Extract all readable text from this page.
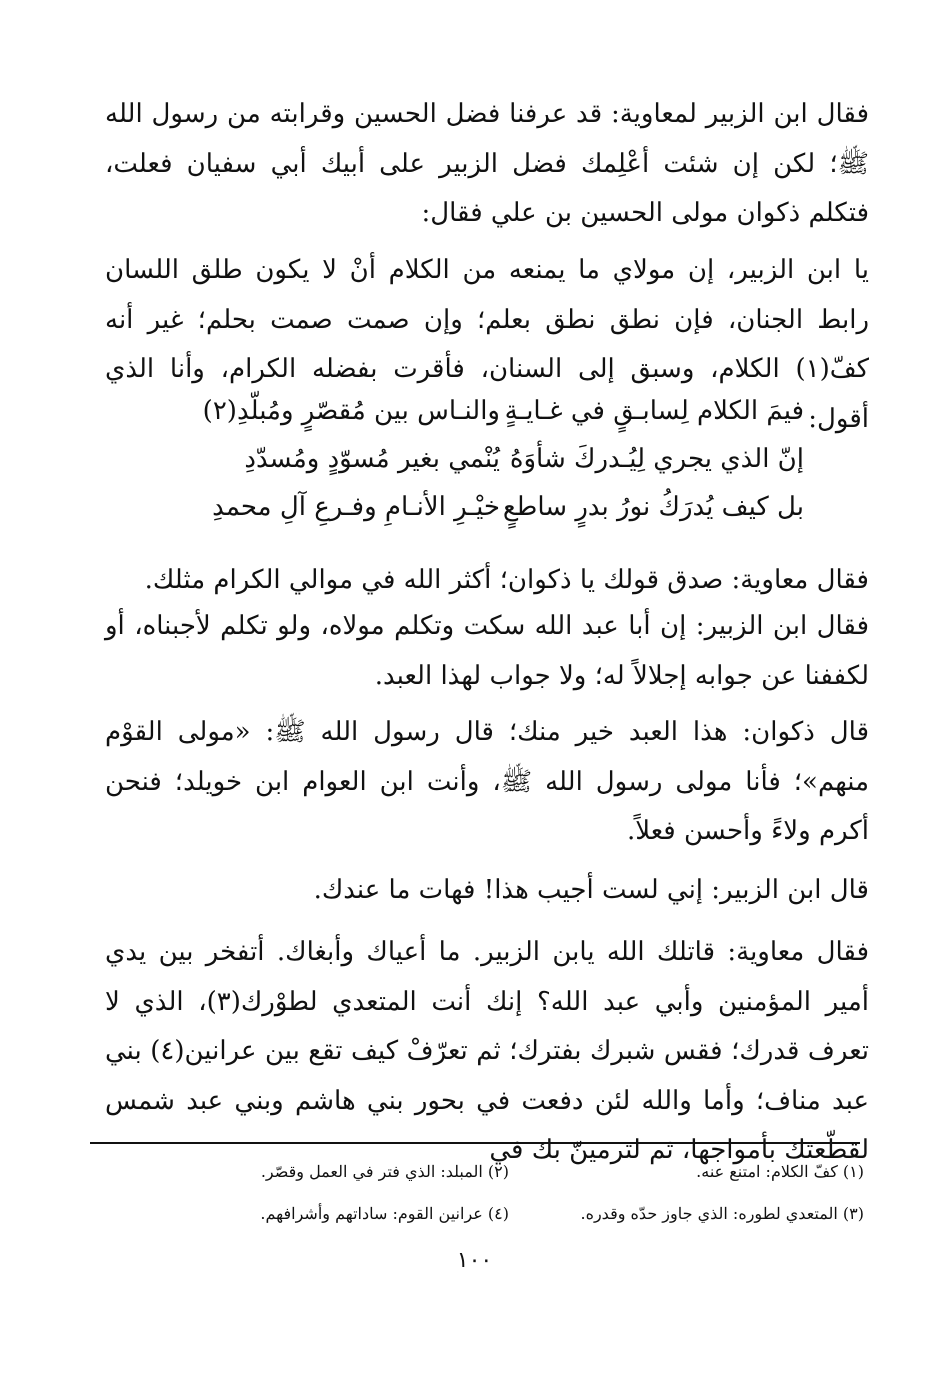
فقال ابن الزبير لمعاوية: قد عرفنا فضل الحسين وقرابته من رسول الله ﷺ؛ لكن إن شئت أعْلِمك فضل الزبير على أبيك أبي سفيان فعلت، فتكلم ذكوان مولى الحسين بن علي فقال:

يا ابن الزبير، إن مولاي ما يمنعه من الكلام أنْ لا يكون طلق اللسان رابط الجنان، فإن نطق نطق بعلم؛ وإن صمت صمت بحلم؛ غير أنه كفّ(١) الكلام، وسبق إلى السنان، فأقرت بفضله الكرام، وأنا الذي أقول:

فيمَ الكلام لِسابـقٍ في غـايـةٍ
والنـاس بين مُقصّرٍ ومُبلّدِ(٢)
إنّ الذي يجري لِيُـدركَ شأوَهُ
يُنْمي بغير مُسوّدٍ ومُسدّدِ
بل كيف يُدرَكُ نورُ بدرٍ ساطعٍ
خيْـرِ الأنـامِ وفـرعِ آلِ محمدِ

فقال معاوية: صدق قولك يا ذكوان؛ أكثر الله في موالي الكرام مثلك.

فقال ابن الزبير: إن أبا عبد الله سكت وتكلم مولاه، ولو تكلم لأجبناه، أو لكففنا عن جوابه إجلالاً له؛ ولا جواب لهذا العبد.

قال ذكوان: هذا العبد خير منك؛ قال رسول الله ﷺ: «مولى القوْم منهم»؛ فأنا مولى رسول الله ﷺ، وأنت ابن العوام ابن خويلد؛ فنحن أكرم ولاءً وأحسن فعلاً.

قال ابن الزبير: إني لست أجيب هذا! فهات ما عندك.

فقال معاوية: قاتلك الله يابن الزبير. ما أعياك وأبغاك. أتفخر بين يدي أمير المؤمنين وأبي عبد الله؟ إنك أنت المتعدي لطوْرك(٣)، الذي لا تعرف قدرك؛ فقس شبرك بفترك؛ ثم تعرّفْ كيف تقع بين عرانين(٤) بني عبد مناف؛ وأما والله لئن دفعت في بحور بني هاشم وبني عبد شمس لقطّعتك بأمواجها، ثم لترمينّ بك في

(١) كفّ الكلام: امتنع عنه.
(٢) المبلد: الذي فتر في العمل وقصّر.
(٣) المتعدي لطوره: الذي جاوز حدّه وقدره.
(٤) عرانين القوم: ساداتهم وأشرافهم.
١٠٠
